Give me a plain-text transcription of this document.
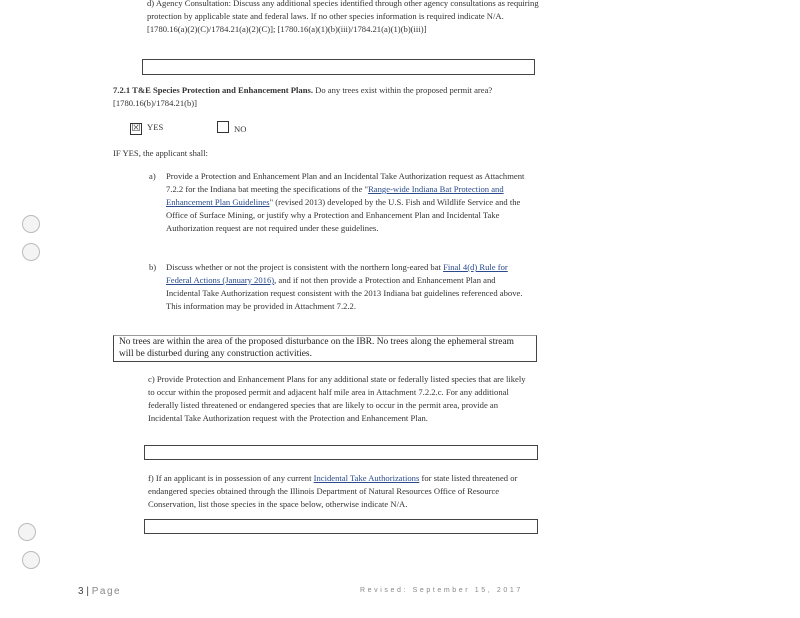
d) Agency Consultation: Discuss any additional species identified through other agency consultations as requiring protection by applicable state and federal laws. If no other species information is required indicate N/A. [1780.16(a)(2)(C)/1784.21(a)(2)(C)]; [1780.16(a)(1)(b)(iii)/1784.21(a)(1)(b)(iii)]
7.2.1 T&E Species Protection and Enhancement Plans. Do any trees exist within the proposed permit area? [1780.16(b)/1784.21(b)]
☒ YES	NO
IF YES, the applicant shall:
a) Provide a Protection and Enhancement Plan and an Incidental Take Authorization request as Attachment 7.2.2 for the Indiana bat meeting the specifications of the "Range-wide Indiana Bat Protection and Enhancement Plan Guidelines" (revised 2013) developed by the U.S. Fish and Wildlife Service and the Office of Surface Mining, or justify why a Protection and Enhancement Plan and Incidental Take Authorization request are not required under these guidelines.
b) Discuss whether or not the project is consistent with the northern long-eared bat Final 4(d) Rule for Federal Actions (January 2016), and if not then provide a Protection and Enhancement Plan and Incidental Take Authorization request consistent with the 2013 Indiana bat guidelines referenced above. This information may be provided in Attachment 7.2.2.
No trees are within the area of the proposed disturbance on the IBR. No trees along the ephemeral stream will be disturbed during any construction activities.
c) Provide Protection and Enhancement Plans for any additional state or federally listed species that are likely to occur within the proposed permit and adjacent half mile area in Attachment 7.2.2.c. For any additional federally listed threatened or endangered species that are likely to occur in the permit area, provide an Incidental Take Authorization request with the Protection and Enhancement Plan.
f) If an applicant is in possession of any current Incidental Take Authorizations for state listed threatened or endangered species obtained through the Illinois Department of Natural Resources Office of Resource Conservation, list those species in the space below, otherwise indicate N/A.
3 | Page	Revised: September 15, 2017
